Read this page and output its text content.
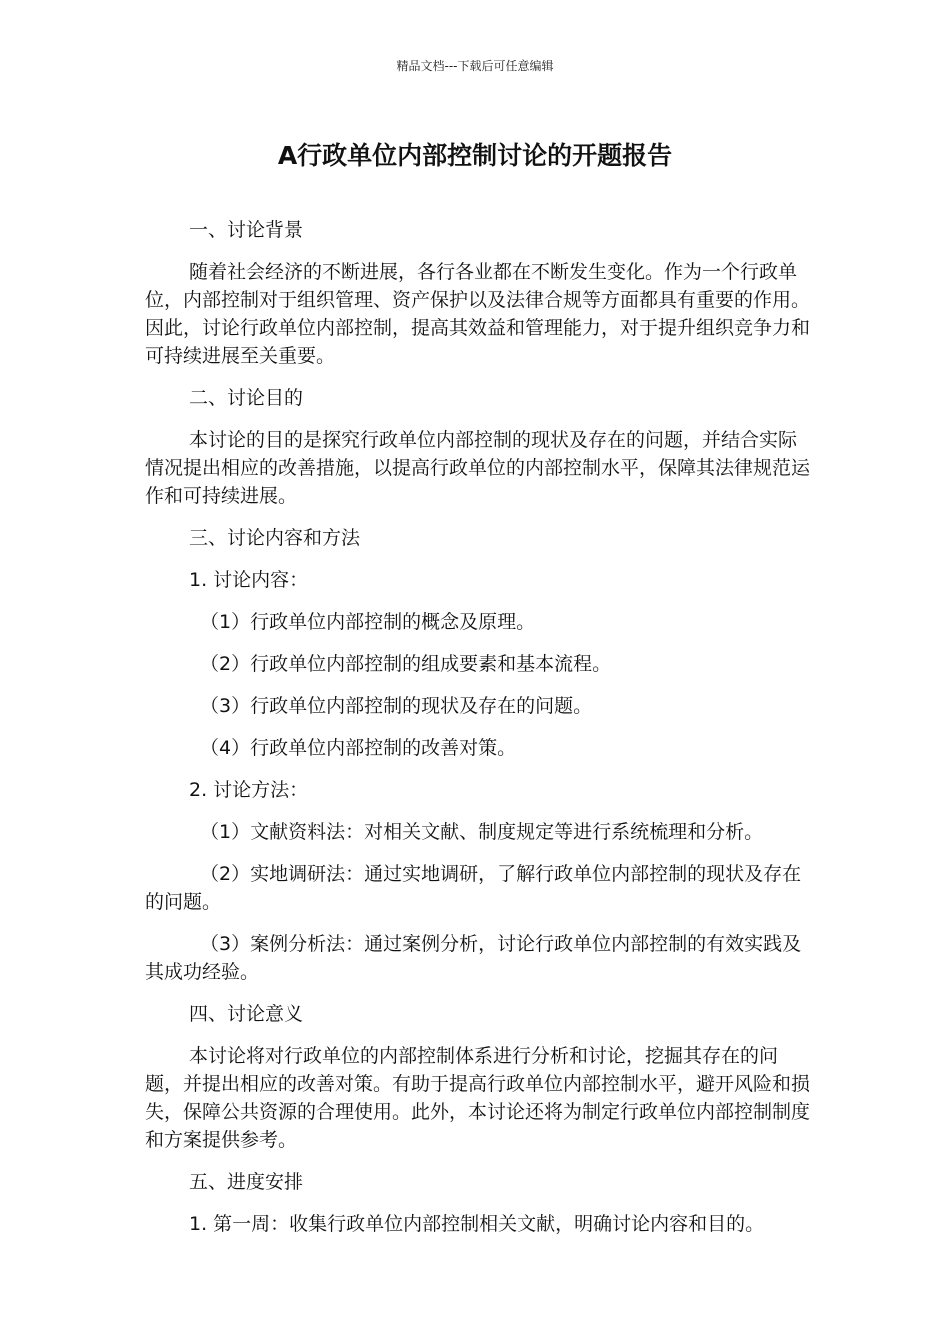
精品文档---下载后可任意编辑
A行政单位内部控制讨论的开题报告

一、讨论背景

随着社会经济的不断进展，各行各业都在不断发生变化。作为一个行政单位，内部控制对于组织管理、资产保护以及法律合规等方面都具有重要的作用。因此，讨论行政单位内部控制，提高其效益和管理能力，对于提升组织竞争力和可持续进展至关重要。

二、讨论目的

本讨论的目的是探究行政单位内部控制的现状及存在的问题，并结合实际情况提出相应的改善措施，以提高行政单位的内部控制水平，保障其法律规范运作和可持续进展。

三、讨论内容和方法

1. 讨论内容：

（1）行政单位内部控制的概念及原理。

（2）行政单位内部控制的组成要素和基本流程。

（3）行政单位内部控制的现状及存在的问题。

（4）行政单位内部控制的改善对策。

2. 讨论方法：

（1）文献资料法：对相关文献、制度规定等进行系统梳理和分析。

（2）实地调研法：通过实地调研，了解行政单位内部控制的现状及存在的问题。

（3）案例分析法：通过案例分析，讨论行政单位内部控制的有效实践及其成功经验。

四、讨论意义

本讨论将对行政单位的内部控制体系进行分析和讨论，挖掘其存在的问题，并提出相应的改善对策。有助于提高行政单位内部控制水平，避开风险和损失，保障公共资源的合理使用。此外，本讨论还将为制定行政单位内部控制制度和方案提供参考。

五、进度安排

1. 第一周：收集行政单位内部控制相关文献，明确讨论内容和目的。
